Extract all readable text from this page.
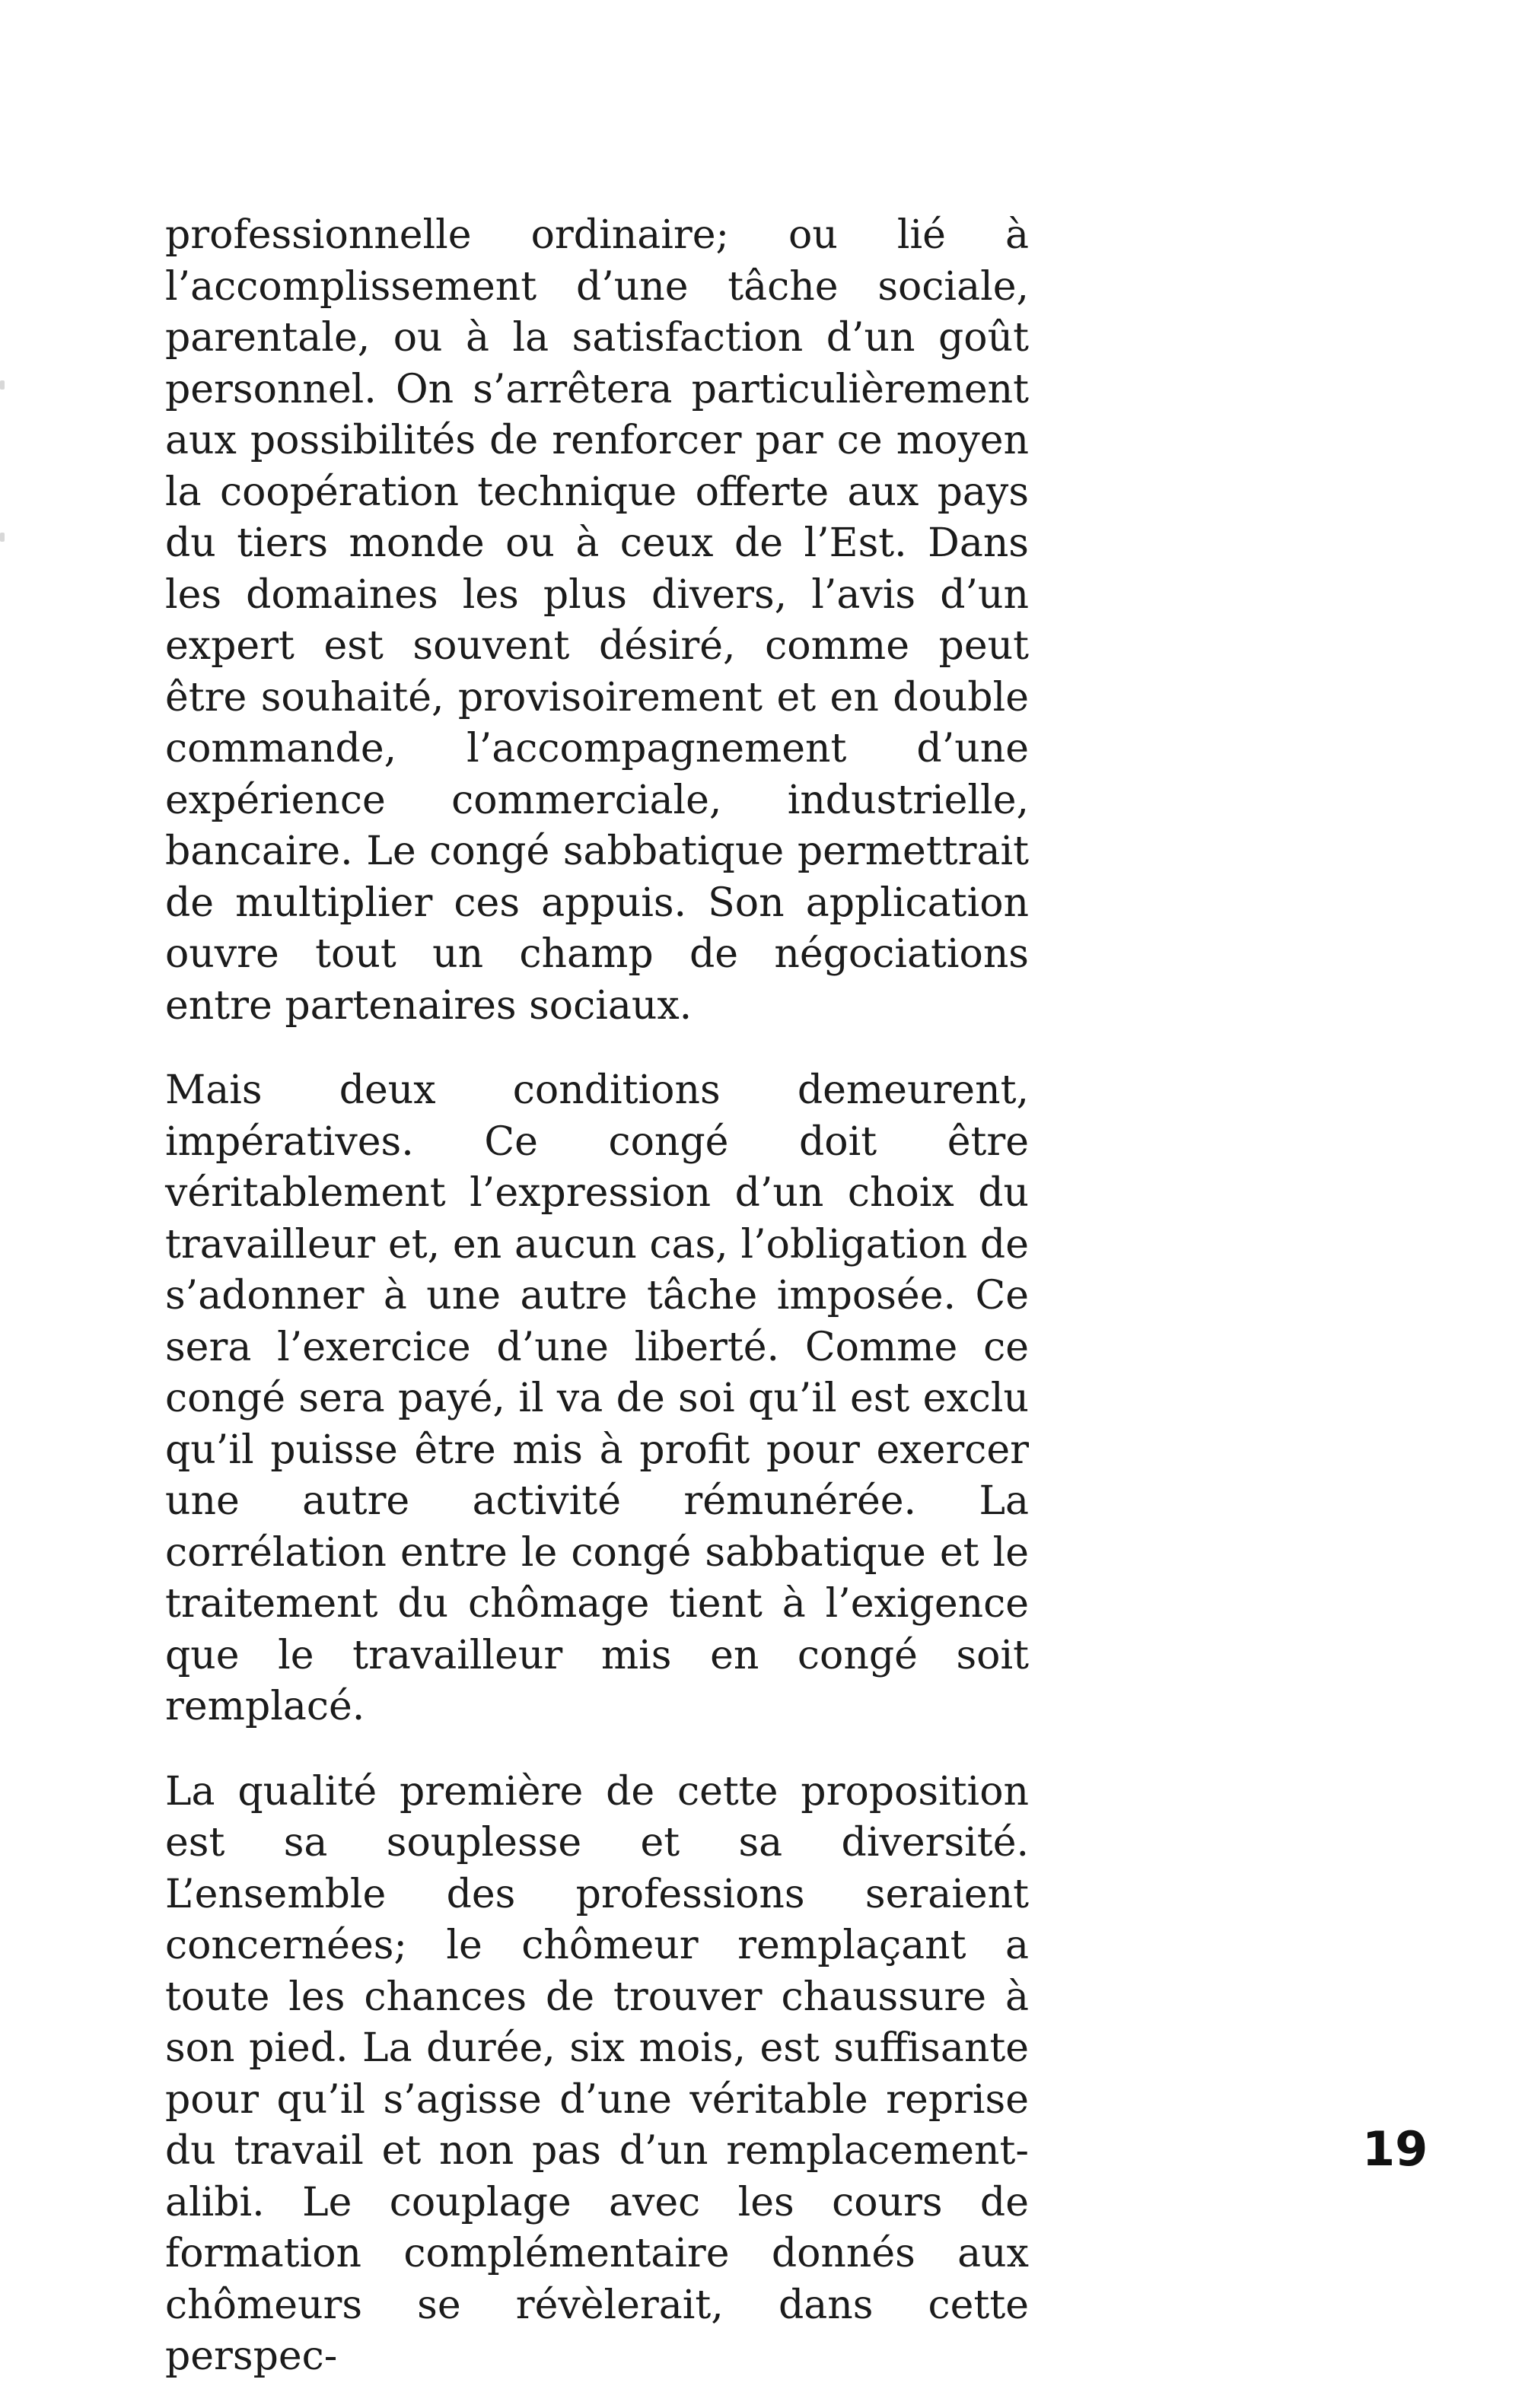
professionnelle ordinaire; ou lié à l’accomplissement d’une tâche sociale, parentale, ou à la satisfaction d’un goût personnel. On s’arrêtera particulièrement aux possibilités de renforcer par ce moyen la coopération technique offerte aux pays du tiers monde ou à ceux de l’Est. Dans les domaines les plus divers, l’avis d’un expert est souvent désiré, comme peut être souhaité, provisoirement et en double commande, l’accompagnement d’une expérience commerciale, industrielle, bancaire. Le congé sabbatique permettrait de multiplier ces appuis. Son application ouvre tout un champ de négociations entre partenaires sociaux.

Mais deux conditions demeurent, impératives. Ce congé doit être véritablement l’expression d’un choix du travailleur et, en aucun cas, l’obligation de s’adonner à une autre tâche imposée. Ce sera l’exercice d’une liberté. Comme ce congé sera payé, il va de soi qu’il est exclu qu’il puisse être mis à profit pour exercer une autre activité rémunérée. La corrélation entre le congé sabbatique et le traitement du chômage tient à l’exigence que le travailleur mis en congé soit remplacé.

La qualité première de cette proposition est sa souplesse et sa diversité. L’ensemble des professions seraient concernées; le chômeur remplaçant a toute les chances de trouver chaussure à son pied. La durée, six mois, est suffisante pour qu’il s’agisse d’une véritable reprise du travail et non pas d’un remplacement-alibi. Le couplage avec les cours de formation complémentaire donnés aux chômeurs se révèlerait, dans cette perspec-

19
